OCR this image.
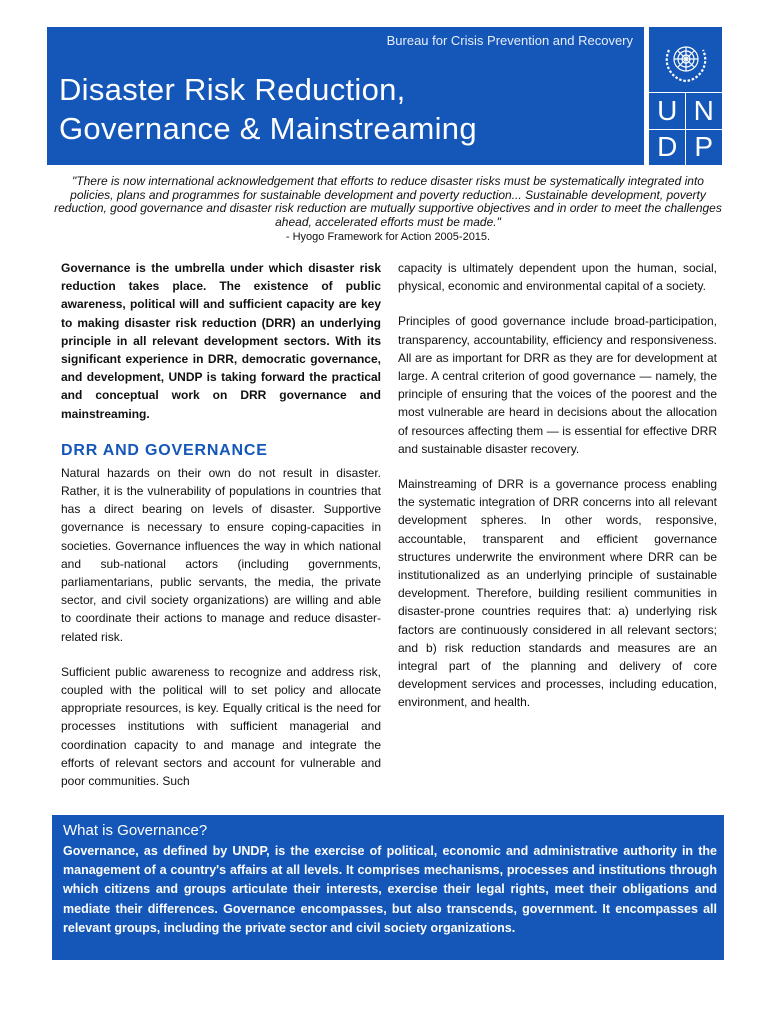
Bureau for Crisis Prevention and Recovery
Disaster Risk Reduction,
Governance & Mainstreaming
U N
D P
"There is now international acknowledgement that efforts to reduce disaster risks must be systematically integrated into policies, plans and programmes for sustainable development and poverty reduction... Sustainable development, poverty reduction, good governance and disaster risk reduction are mutually supportive objectives and in order to meet the challenges ahead, accelerated efforts must be made."
- Hyogo Framework for Action 2005-2015.

Governance is the umbrella under which disaster risk reduction takes place. The existence of public awareness, political will and sufficient capacity are key to making disaster risk reduction (DRR) an underlying principle in all relevant development sectors. With its significant experience in DRR, democratic governance, and development, UNDP is taking forward the practical and conceptual work on DRR governance and mainstreaming.

DRR AND GOVERNANCE

Natural hazards on their own do not result in disaster. Rather, it is the vulnerability of populations in countries that has a direct bearing on levels of disaster. Supportive governance is necessary to ensure coping-capacities in societies. Governance influences the way in which national and sub-national actors (including governments, parliamentarians, public servants, the media, the private sector, and civil society organizations) are willing and able to coordinate their actions to manage and reduce disaster-related risk.

Sufficient public awareness to recognize and address risk, coupled with the political will to set policy and allocate appropriate resources, is key. Equally critical is the need for processes institutions with sufficient managerial and coordination capacity to and manage and integrate the efforts of relevant sectors and account for vulnerable and poor communities. Such

capacity is ultimately dependent upon the human, social, physical, economic and environmental capital of a society.

Principles of good governance include broad-participation, transparency, accountability, efficiency and responsiveness. All are as important for DRR as they are for development at large. A central criterion of good governance — namely, the principle of ensuring that the voices of the poorest and the most vulnerable are heard in decisions about the allocation of resources affecting them — is essential for effective DRR and sustainable disaster recovery.

Mainstreaming of DRR is a governance process enabling the systematic integration of DRR concerns into all relevant development spheres. In other words, responsive, accountable, transparent and efficient governance structures underwrite the environment where DRR can be institutionalized as an underlying principle of sustainable development. Therefore, building resilient communities in disaster-prone countries requires that: a) underlying risk factors are continuously considered in all relevant sectors; and b) risk reduction standards and measures are an integral part of the planning and delivery of core development services and processes, including education, environment, and health.

What is Governance?
Governance, as defined by UNDP, is the exercise of political, economic and administrative authority in the management of a country's affairs at all levels. It comprises mechanisms, processes and institutions through which citizens and groups articulate their interests, exercise their legal rights, meet their obligations and mediate their differences. Governance encompasses, but also transcends, government. It encompasses all relevant groups, including the private sector and civil society organizations.
